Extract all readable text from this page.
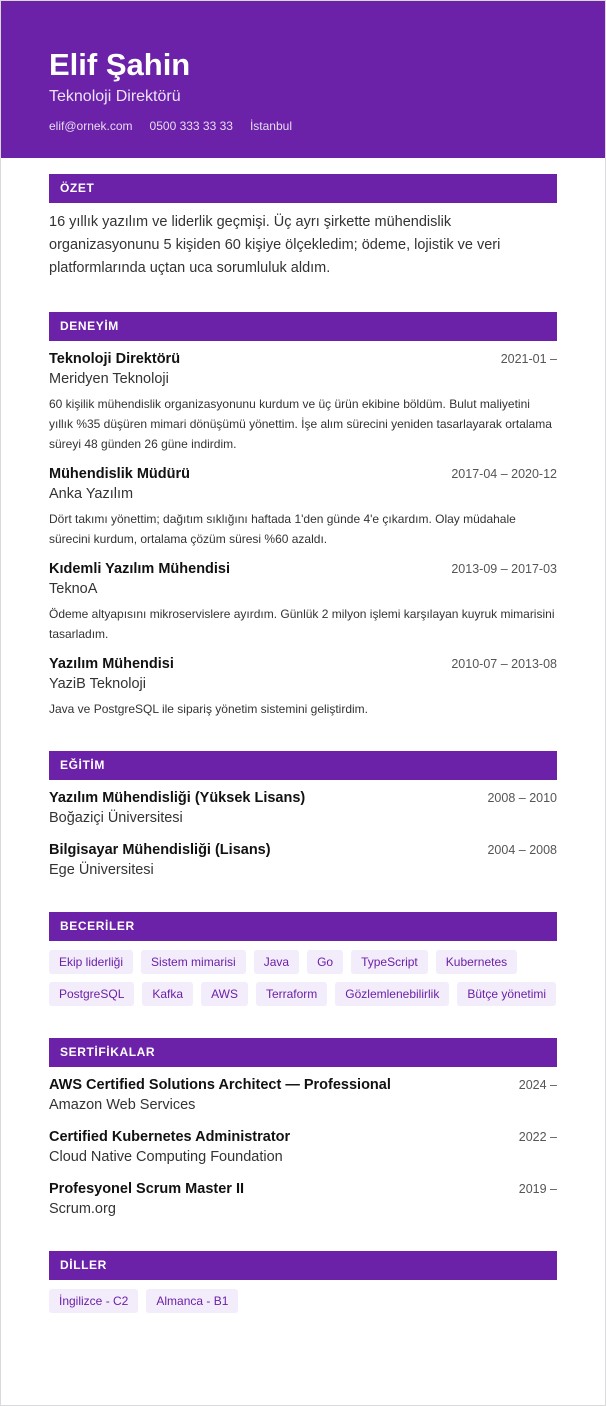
Elif Şahin
Teknoloji Direktörü
elif@ornek.com 0500 333 33 33 İstanbul
ÖZET

16 yıllık yazılım ve liderlik geçmişi. Üç ayrı şirkette mühendislik organizasyonunu 5 kişiden 60 kişiye ölçekledim; ödeme, lojistik ve veri platformlarında uçtan uca sorumluluk aldım.

DENEYİM
Teknoloji Direktörü	2021-01 –
Meridyen Teknoloji
60 kişilik mühendislik organizasyonunu kurdum ve üç ürün ekibine böldüm. Bulut maliyetini yıllık %35 düşüren mimari dönüşümü yönettim. İşe alım sürecini yeniden tasarlayarak ortalama süreyi 48 günden 26 güne indirdim.
Mühendislik Müdürü	2017-04 – 2020-12
Anka Yazılım
Dört takımı yönettim; dağıtım sıklığını haftada 1'den günde 4'e çıkardım. Olay müdahale sürecini kurdum, ortalama çözüm süresi %60 azaldı.
Kıdemli Yazılım Mühendisi	2013-09 – 2017-03
TeknoA
Ödeme altyapısını mikroservislere ayırdım. Günlük 2 milyon işlemi karşılayan kuyruk mimarisini tasarladım.
Yazılım Mühendisi	2010-07 – 2013-08
YaziB Teknoloji
Java ve PostgreSQL ile sipariş yönetim sistemini geliştirdim.
EĞİTİM
Yazılım Mühendisliği (Yüksek Lisans)	2008 – 2010
Boğaziçi Üniversitesi
Bilgisayar Mühendisliği (Lisans)	2004 – 2008
Ege Üniversitesi
BECERİLER
Ekip liderliği	Sistem mimarisi	Java	Go	TypeScript	Kubernetes
PostgreSQL	Kafka	AWS	Terraform	Gözlemlenebilirlik	Bütçe yönetimi
SERTİFİKALAR
AWS Certified Solutions Architect — Professional	2024 –
Amazon Web Services
Certified Kubernetes Administrator	2022 –
Cloud Native Computing Foundation
Profesyonel Scrum Master II	2019 –
Scrum.org
DİLLER
İngilizce - C2	Almanca - B1
